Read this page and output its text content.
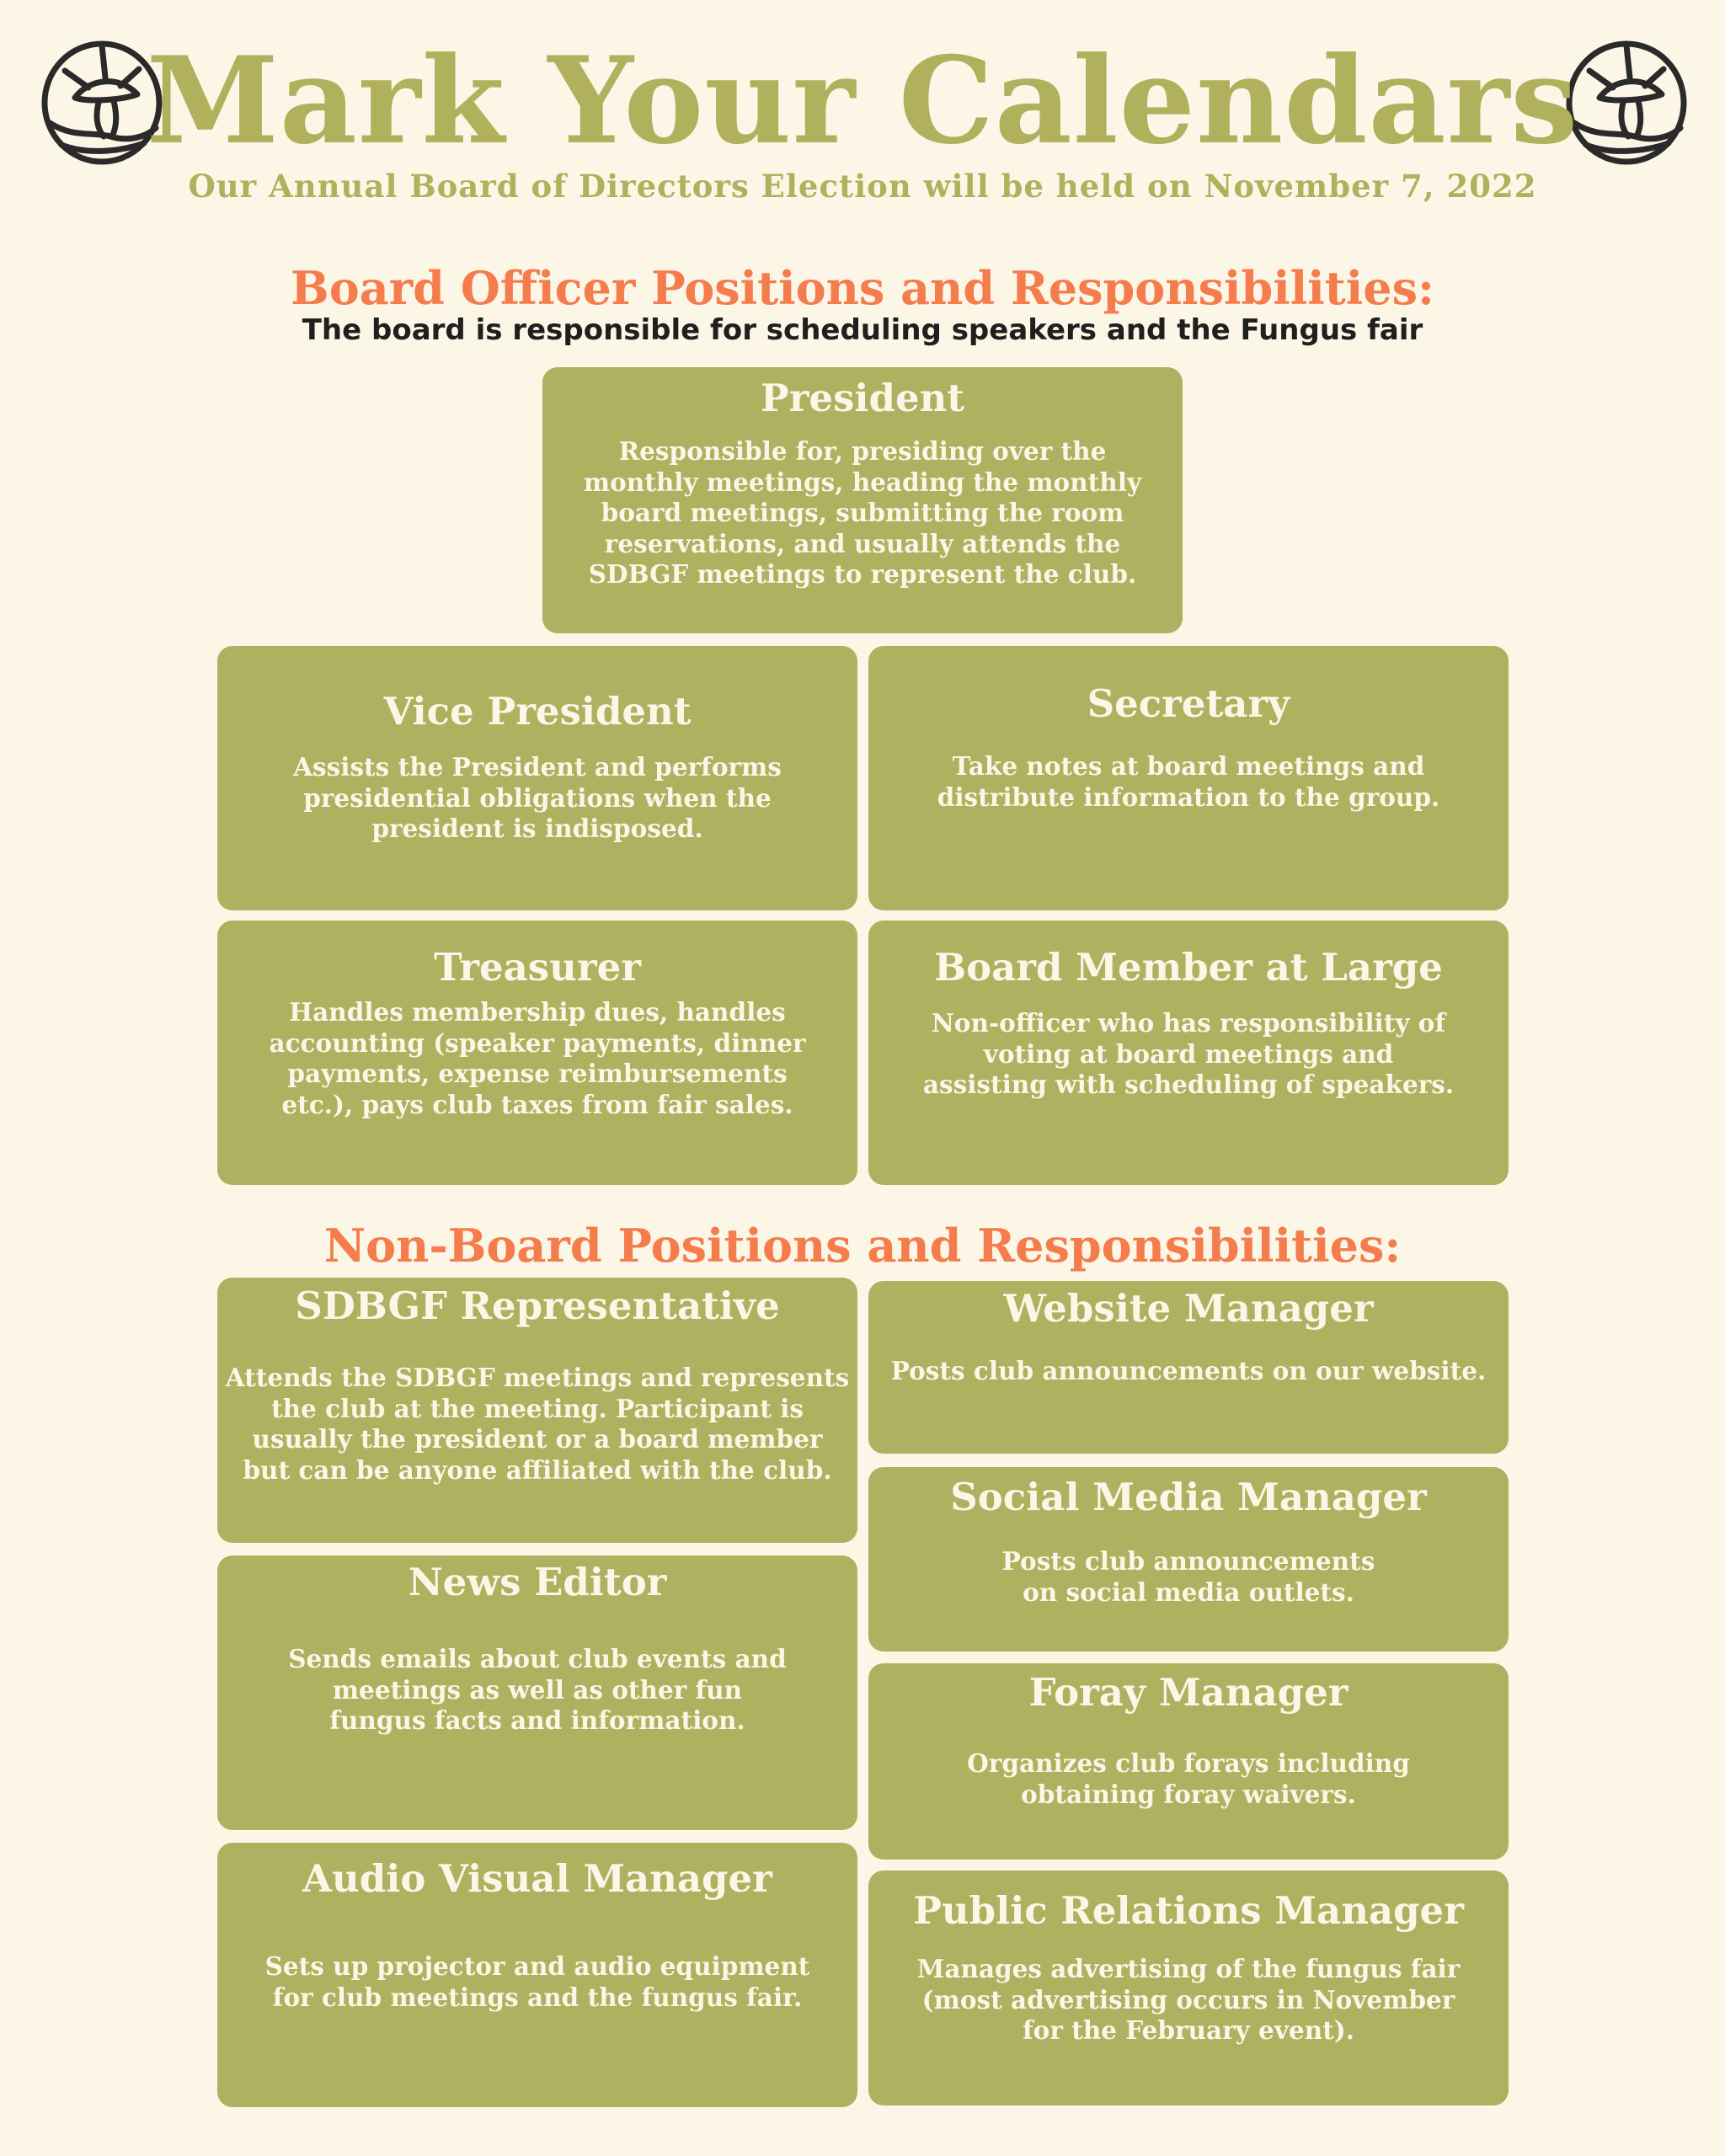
Mark Your Calendars
Our Annual Board of Directors Election will be held on November 7, 2022
Board Officer Positions and Responsibilities:
The board is responsible for scheduling speakers and the Fungus fair
President
Responsible for, presiding over the
monthly meetings, heading the monthly
board meetings, submitting the room
reservations, and usually attends the
SDBGF meetings to represent the club.
Vice President
Assists the President and performs
presidential obligations when the
president is indisposed.
Secretary
Take notes at board meetings and
distribute information to the group.
Treasurer
Handles membership dues, handles
accounting (speaker payments, dinner
payments, expense reimbursements
etc.), pays club taxes from fair sales.
Board Member at Large
Non-officer who has responsibility of
voting at board meetings and
assisting with scheduling of speakers.
Non-Board Positions and Responsibilities:
SDBGF Representative
Attends the SDBGF meetings and represents
the club at the meeting. Participant is
usually the president or a board member
but can be anyone affiliated with the club.
Website Manager
Posts club announcements on our website.
Social Media Manager
Posts club announcements
on social media outlets.
News Editor
Sends emails about club events and
meetings as well as other fun
fungus facts and information.
Foray Manager
Organizes club forays including
obtaining foray waivers.
Audio Visual Manager
Sets up projector and audio equipment
for club meetings and the fungus fair.
Public Relations Manager
Manages advertising of the fungus fair
(most advertising occurs in November
for the February event).
